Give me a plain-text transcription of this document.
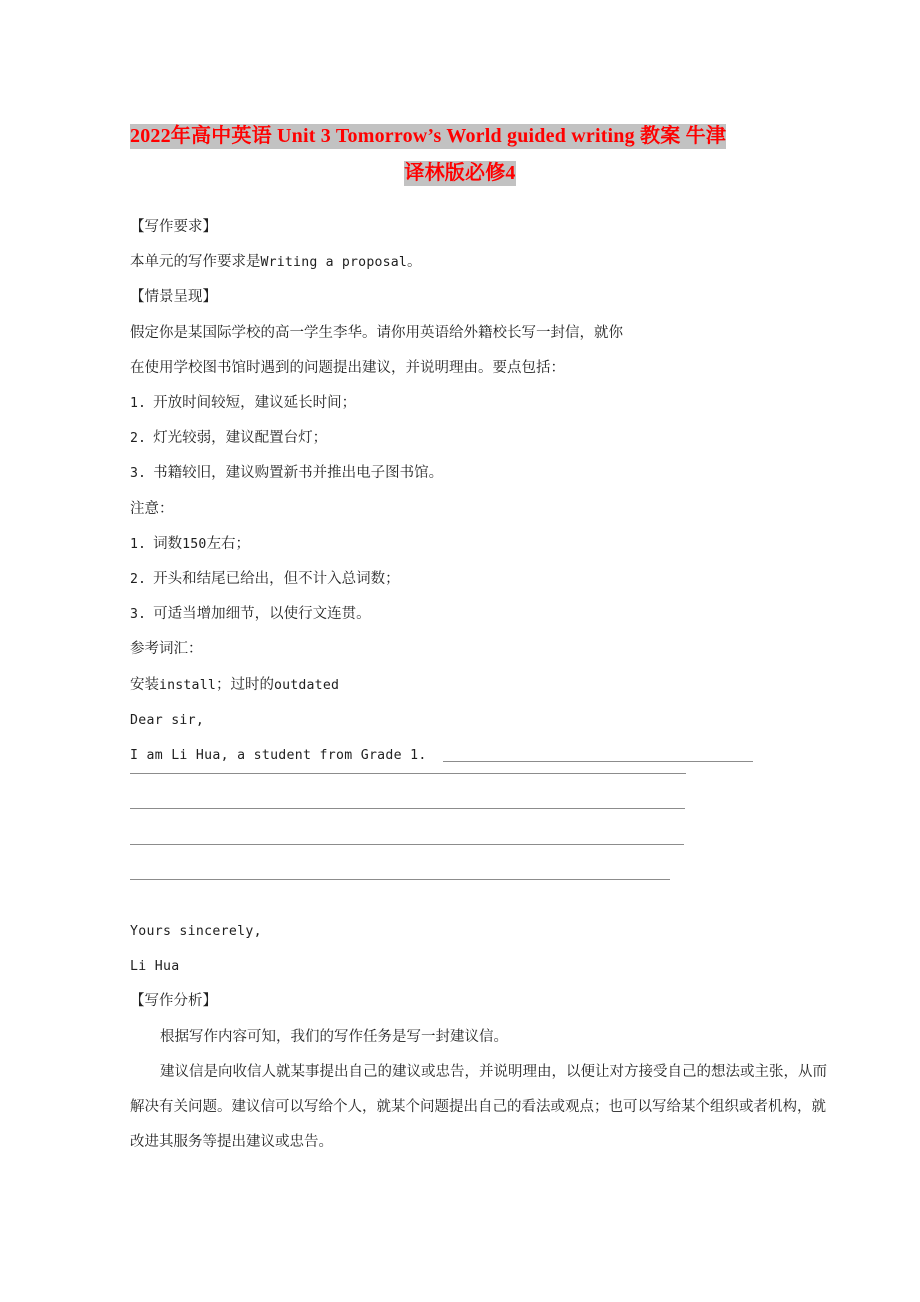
2022年高中英语 Unit 3 Tomorrow’s World guided writing 教案 牛津
译林版必修4
【写作要求】
本单元的写作要求是Writing a proposal。
【情景呈现】
假定你是某国际学校的高一学生李华。请你用英语给外籍校长写一封信，就你
在使用学校图书馆时遇到的问题提出建议，并说明理由。要点包括：
1. 开放时间较短，建议延长时间；
2. 灯光较弱，建议配置台灯；
3. 书籍较旧，建议购置新书并推出电子图书馆。
注意：
1. 词数150左右；
2. 开头和结尾已给出，但不计入总词数；
3. 可适当增加细节，以使行文连贯。
参考词汇：
安装install；过时的outdated
Dear sir,
I am Li Hua, a student from Grade 1.
Yours sincerely,
Li Hua
【写作分析】
根据写作内容可知，我们的写作任务是写一封建议信。
建议信是向收信人就某事提出自己的建议或忠告，并说明理由，以便让对方接受自己的想法或主张，从而解决有关问题。建议信可以写给个人，就某个问题提出自己的看法或观点；也可以写给某个组织或者机构，就改进其服务等提出建议或忠告。
